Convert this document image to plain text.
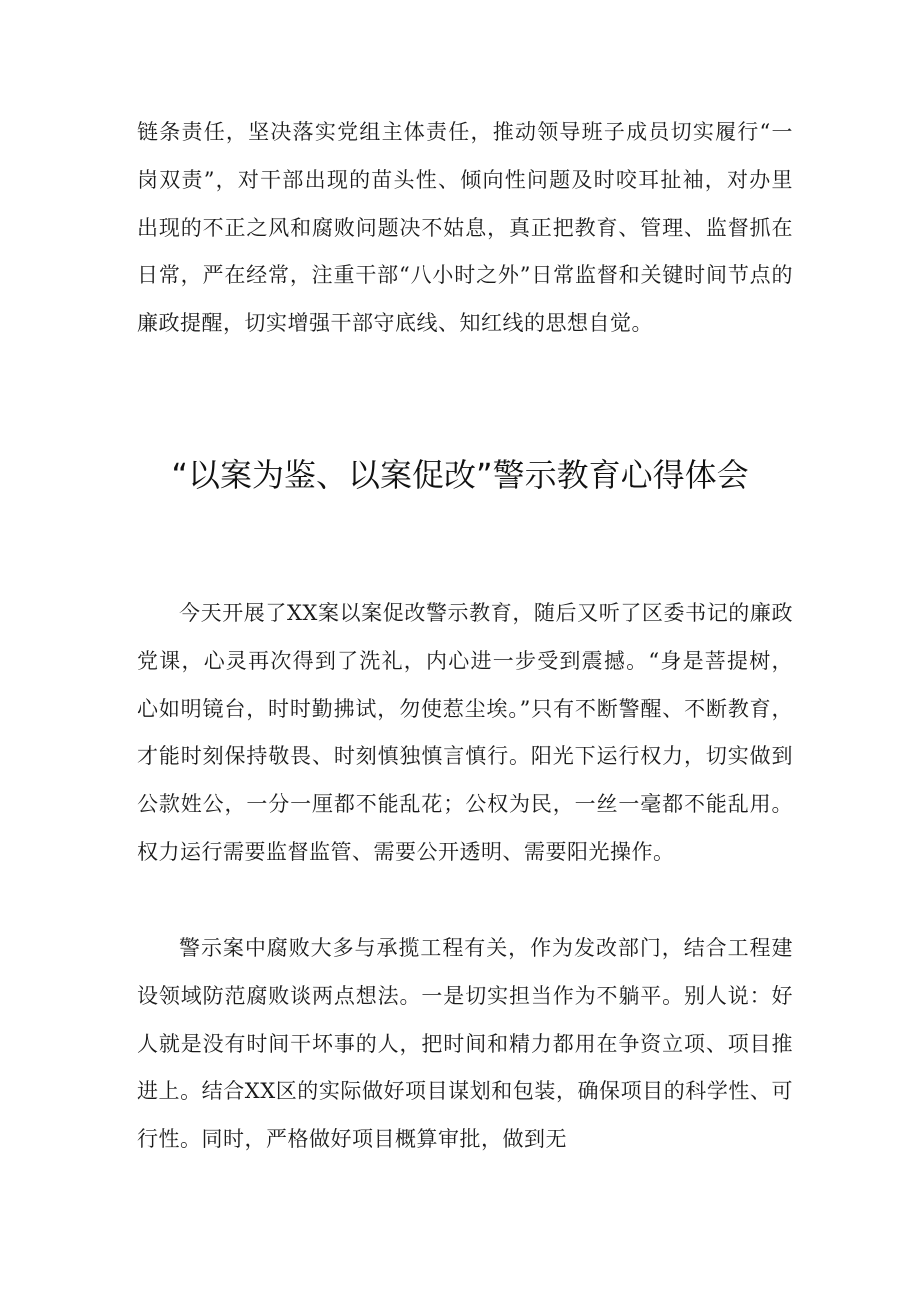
链条责任，坚决落实党组主体责任，推动领导班子成员切实履行“一岗双责”，对干部出现的苗头性、倾向性问题及时咬耳扯袖，对办里出现的不正之风和腐败问题决不姑息，真正把教育、管理、监督抓在日常，严在经常，注重干部“八小时之外”日常监督和关键时间节点的廉政提醒，切实增强干部守底线、知红线的思想自觉。

“以案为鉴、以案促改”警示教育心得体会

今天开展了XX案以案促改警示教育，随后又听了区委书记的廉政党课，心灵再次得到了洗礼，内心进一步受到震撼。“身是菩提树，心如明镜台，时时勤拂试，勿使惹尘埃。”只有不断警醒、不断教育，才能时刻保持敬畏、时刻慎独慎言慎行。阳光下运行权力，切实做到公款姓公，一分一厘都不能乱花；公权为民，一丝一毫都不能乱用。权力运行需要监督监管、需要公开透明、需要阳光操作。

警示案中腐败大多与承揽工程有关，作为发改部门，结合工程建设领域防范腐败谈两点想法。一是切实担当作为不躺平。别人说：好人就是没有时间干坏事的人，把时间和精力都用在争资立项、项目推进上。结合XX区的实际做好项目谋划和包装，确保项目的科学性、可行性。同时，严格做好项目概算审批，做到无
